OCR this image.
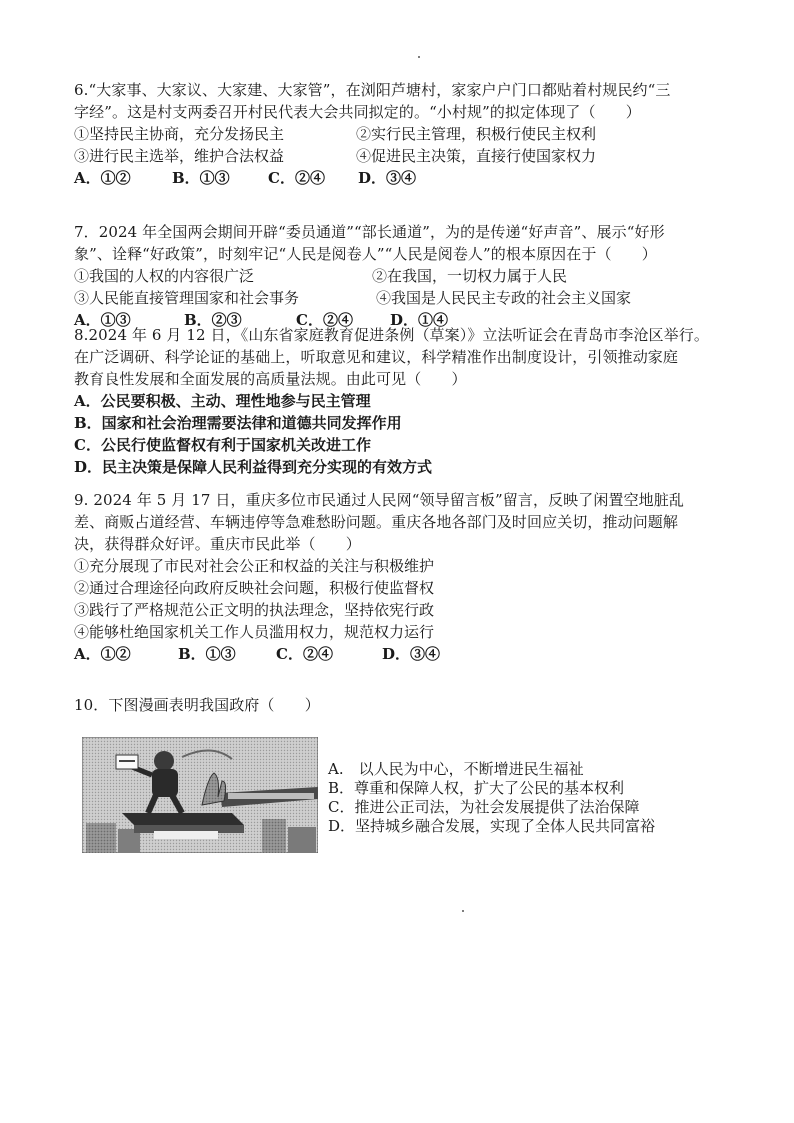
6.“大家事、大家议、大家建、大家管”，在浏阳芦塘村，家家户户门口都贴着村规民约“三
字经”。这是村支两委召开村民代表大会共同拟定的。“小村规”的拟定体现了（　　）
①坚持民主协商，充分发扬民主	②实行民主管理，积极行使民主权利
③进行民主选举，维护合法权益	④促进民主决策，直接行使国家权力
A．①②	B．①③	C．②④	D．③④
7．2024 年全国两会期间开辟“委员通道”“部长通道”，为的是传递“好声音”、展示“好形
象”、诠释“好政策”，时刻牢记“人民是阅卷人”“人民是阅卷人”的根本原因在于（　　）
①我国的人权的内容很广泛	②在我国，一切权力属于人民
③人民能直接管理国家和社会事务	④我国是人民民主专政的社会主义国家
A．①③	B．②③	C．②④	D．①④
8.2024 年 6 月 12 日，《山东省家庭教育促进条例（草案）》立法听证会在青岛市李沧区举行。
在广泛调研、科学论证的基础上，听取意见和建议，科学精准作出制度设计，引领推动家庭
教育良性发展和全面发展的高质量法规。由此可见（　　）
A．公民要积极、主动、理性地参与民主管理
B．国家和社会治理需要法律和道德共同发挥作用
C．公民行使监督权有利于国家机关改进工作
D．民主决策是保障人民利益得到充分实现的有效方式
9. 2024 年 5 月 17 日，重庆多位市民通过人民网“领导留言板”留言，反映了闲置空地脏乱
差、商贩占道经营、车辆违停等急难愁盼问题。重庆各地各部门及时回应关切，推动问题解
决，获得群众好评。重庆市民此举（　　）
①充分展现了市民对社会公正和权益的关注与积极维护
②通过合理途径向政府反映社会问题，积极行使监督权
③践行了严格规范公正文明的执法理念，坚持依宪行政
④能够杜绝国家机关工作人员滥用权力，规范权力运行
A．①②	B．①③	C．②④	D．③④
10．下图漫画表明我国政府（　　）
A.　以人民为中心，不断增进民生福祉
B．尊重和保障人权，扩大了公民的基本权利
C．推进公正司法，为社会发展提供了法治保障
D．坚持城乡融合发展，实现了全体人民共同富裕
